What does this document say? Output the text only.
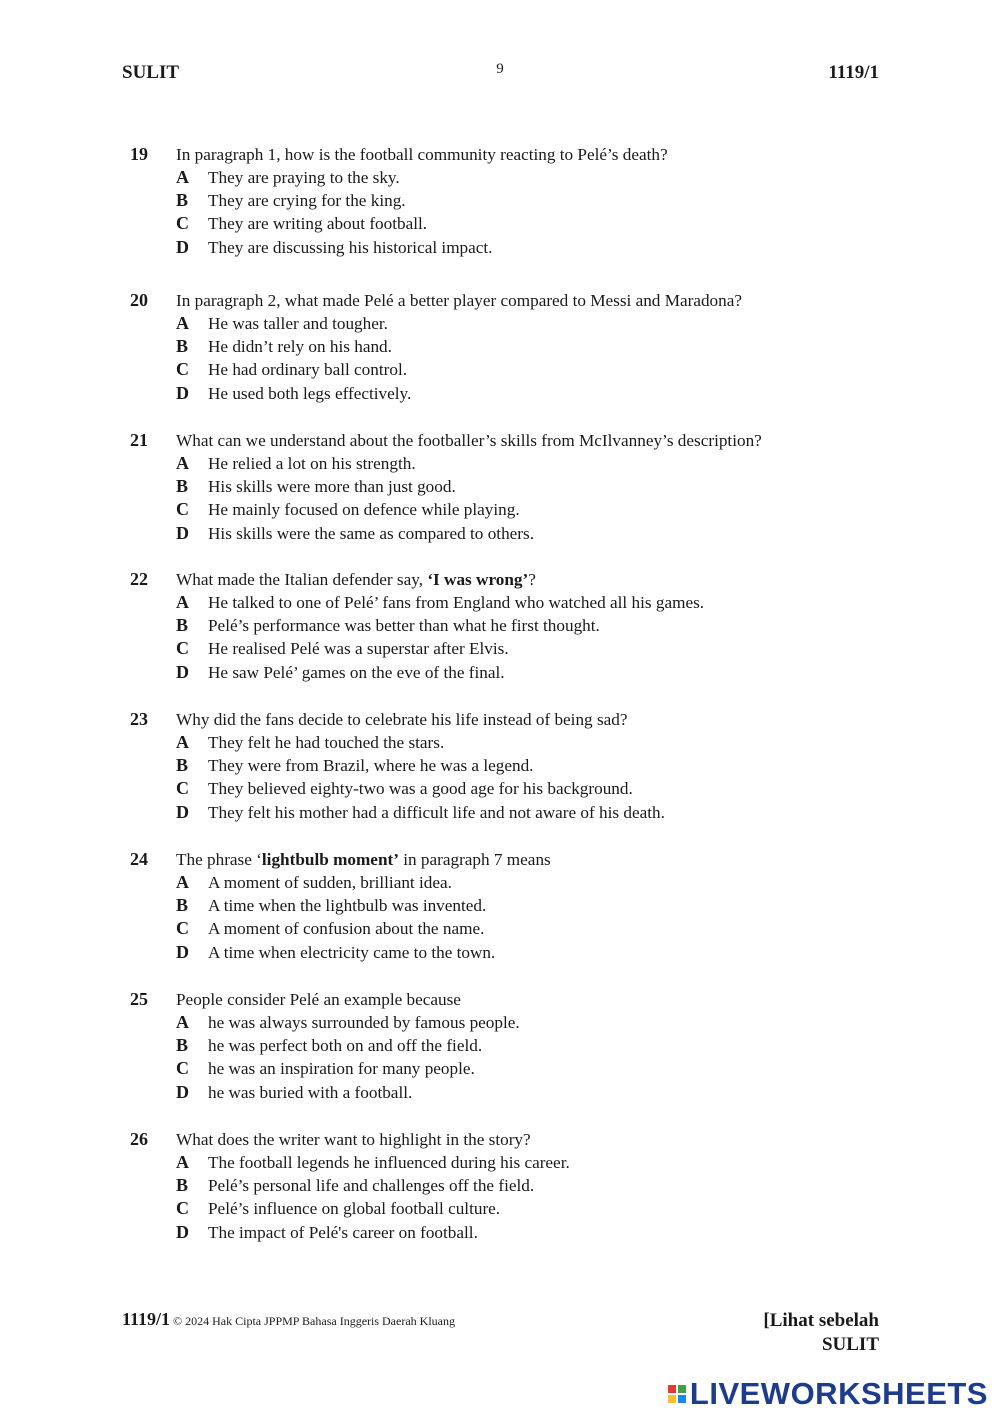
SULIT	9	1119/1
19	In paragraph 1, how is the football community reacting to Pelé’s death?
A	They are praying to the sky.
B	They are crying for the king.
C	They are writing about football.
D	They are discussing his historical impact.
20	In paragraph 2, what made Pelé a better player compared to Messi and Maradona?
A	He was taller and tougher.
B	He didn’t rely on his hand.
C	He had ordinary ball control.
D	He used both legs effectively.
21	What can we understand about the footballer’s skills from McIlvanney’s description?
A	He relied a lot on his strength.
B	His skills were more than just good.
C	He mainly focused on defence while playing.
D	His skills were the same as compared to others.
22	What made the Italian defender say, ‘I was wrong’?
A	He talked to one of Pelé’ fans from England who watched all his games.
B	Pelé’s performance was better than what he first thought.
C	He realised Pelé was a superstar after Elvis.
D	He saw Pelé’ games on the eve of the final.
23	Why did the fans decide to celebrate his life instead of being sad?
A	They felt he had touched the stars.
B	They were from Brazil, where he was a legend.
C	They believed eighty-two was a good age for his background.
D	They felt his mother had a difficult life and not aware of his death.
24	The phrase ‘lightbulb moment’ in paragraph 7 means
A	A moment of sudden, brilliant idea.
B	A time when the lightbulb was invented.
C	A moment of confusion about the name.
D	A time when electricity came to the town.
25	People consider Pelé an example because
A	he was always surrounded by famous people.
B	he was perfect both on and off the field.
C	he was an inspiration for many people.
D	he was buried with a football.
26	What does the writer want to highlight in the story?
A	The football legends he influenced during his career.
B	Pelé’s personal life and challenges off the field.
C	Pelé’s influence on global football culture.
D	The impact of Pelé's career on football.
1119/1 © 2024 Hak Cipta JPPMP Bahasa Inggeris Daerah Kluang	[Lihat sebelah
SULIT
LIVEWORKSHEETS
